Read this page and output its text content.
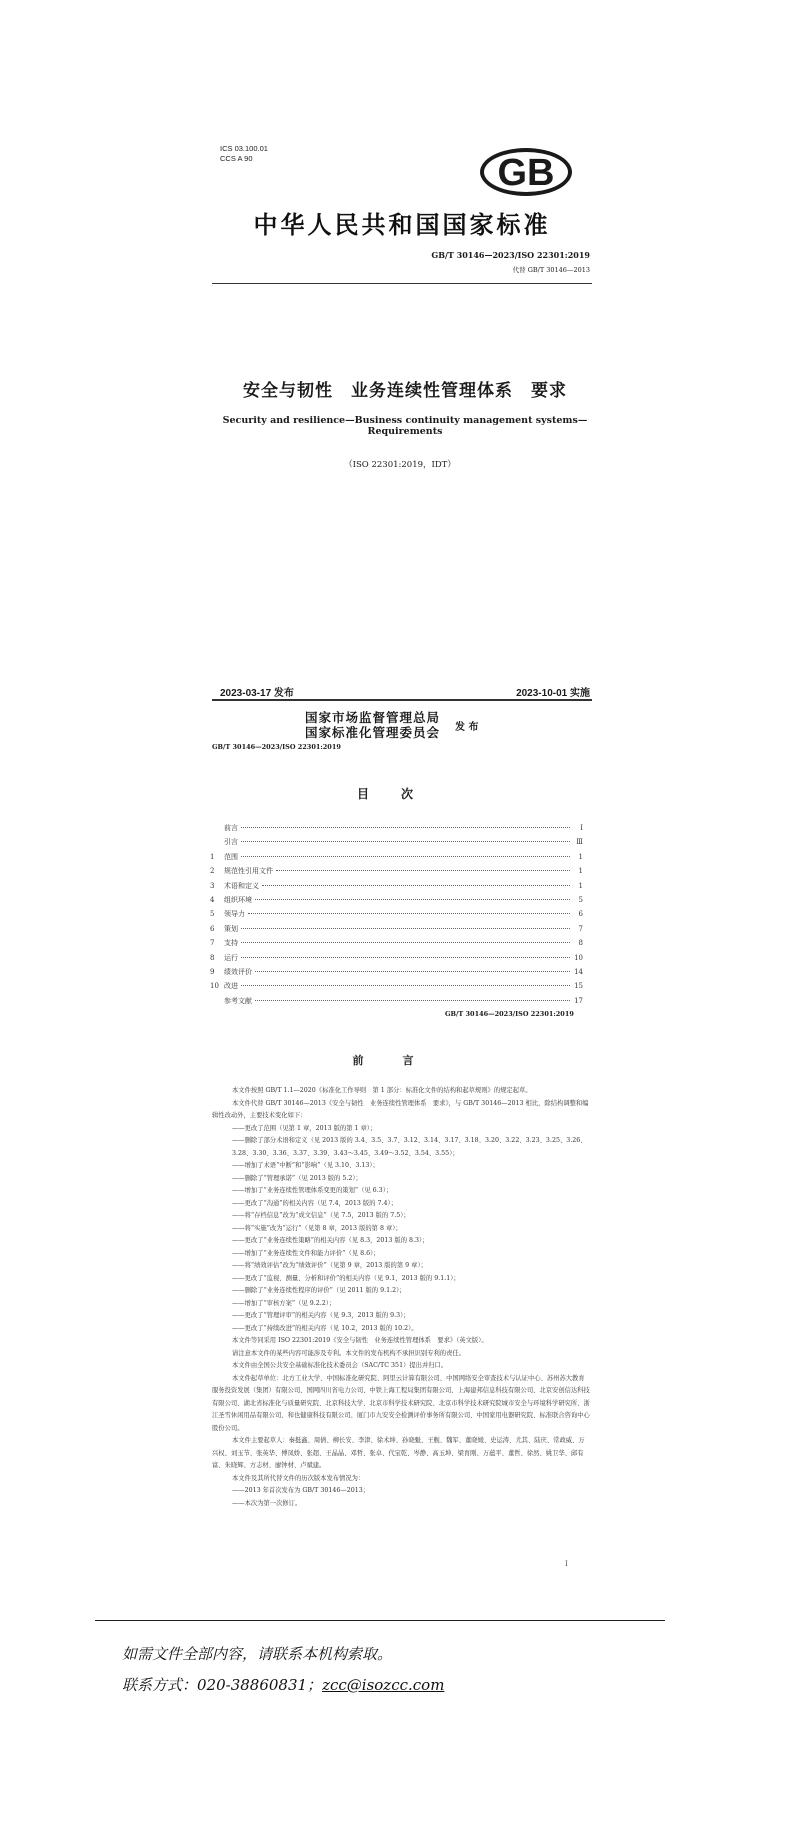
ICS 03.100.01
CCS A 90	GB
中华人民共和国国家标准
GB/T 30146—2023/ISO 22301:2019
代替 GB/T 30146—2013
安全与韧性　业务连续性管理体系　要求
Security and resilience—Business continuity management systems—Requirements
（ISO 22301:2019，IDT）
2023-03-17 发布	2023-10-01 实施
国家市场监督管理总局
国家标准化管理委员会 发 布
GB/T 30146—2023/ISO 22301:2019
目　次
前言	Ⅰ
引言	Ⅲ
1	范围	1
2	规范性引用文件	1
3	术语和定义	1
4	组织环境	5
5	领导力	6
6	策划	7
7	支持	8
8	运行	10
9	绩效评价	14
10 改进	15
参考文献	17
GB/T 30146—2023/ISO 22301:2019
前　言

本文件按照 GB/T 1.1—2020《标准化工作导则　第 1 部分：标准化文件的结构和起草规则》的规定起草。

本文件代替 GB/T 30146—2013《安全与韧性　业务连续性管理体系　要求》，与 GB/T 30146—2013 相比，除结构调整和编辑性改动外，主要技术变化如下：

——更改了范围（见第 1 章，2013 版的第 1 章）；

——删除了部分术语和定义（见 2013 版的 3.4、3.5、3.7、3.12、3.14、3.17、3.18、3.20、3.22、3.23、3.25、3.26、3.28、3.30、3.36、3.37、3.39、3.43～3.45、3.49～3.52、3.54、3.55）；

——增加了术语“中断”和“影响”（见 3.10、3.13）；

——删除了“管理承诺”（见 2013 版的 5.2）；

——增加了“业务连续性管理体系变更的策划”（见 6.3）；

——更改了“沟通”的相关内容（见 7.4，2013 版的 7.4）；

——将“存档信息”改为“成文信息”（见 7.5，2013 版的 7.5）；

——将“实施”改为“运行”（见第 8 章，2013 版的第 8 章）；

——更改了“业务连续性策略”的相关内容（见 8.3，2013 版的 8.3）；

——增加了“业务连续性文件和能力评价”（见 8.6）；

——将“绩效评估”改为“绩效评价”（见第 9 章，2013 版的第 9 章）；

——更改了“监视、测量、分析和评价”的相关内容（见 9.1，2013 版的 9.1.1）；

——删除了“业务连续性程序的评价”（见 2011 版的 9.1.2）；

——增加了“审核方案”（见 9.2.2）；

——更改了“管理评审”的相关内容（见 9.3，2013 版的 9.3）；

——更改了“持续改进”的相关内容（见 10.2，2013 版的 10.2）。

本文件等同采用 ISO 22301:2019《安全与韧性　业务连续性管理体系　要求》（英文版）。

请注意本文件的某些内容可能涉及专利。本文件的发布机构不承担识别专利的责任。

本文件由全国公共安全基础标准化技术委员会（SAC/TC 351）提出并归口。

本文件起草单位：北方工业大学、中国标准化研究院、阿里云计算有限公司、中国网络安全审查技术与认证中心、苏州苏大教育服务投资发展（集团）有限公司、国网四川省电力公司、中铁上海工程局集团有限公司、上海建邦信息科技有限公司、北京安创信达科技有限公司、湖北省标准化与质量研究院、北京科技大学、北京市科学技术研究院、北京市科学技术研究院城市安全与环境科学研究所、浙江圣雪休闲用品有限公司、和也健康科技有限公司、厦门市九安安全检测评价事务所有限公司、中国家用电器研究院、标准联合咨询中心股份公司。

本文件主要起草人：秦挺鑫、周倩、柳长安、李津、徐术坤、孙晓魁、王舰、魏军、董晓媛、史运涛、尤其、陆庆、常政威、万兴权、刘玉节、张英华、傅凤娇、张超、王晶晶、邓哲、张卓、代宝乾、岑静、高玉坤、梁育刚、万蕴平、董哲、徐然、姚卫华、邱有富、朱晓辉、方志材、廖钟材、卢斌建。

本文件及其所代替文件的历次版本发布情况为：

——2013 年首次发布为 GB/T 30146—2013；

——本次为第一次修订。

Ⅰ
如需文件全部内容，请联系本机构索取。
联系方式：020-38860831；zcc@isozcc.com
